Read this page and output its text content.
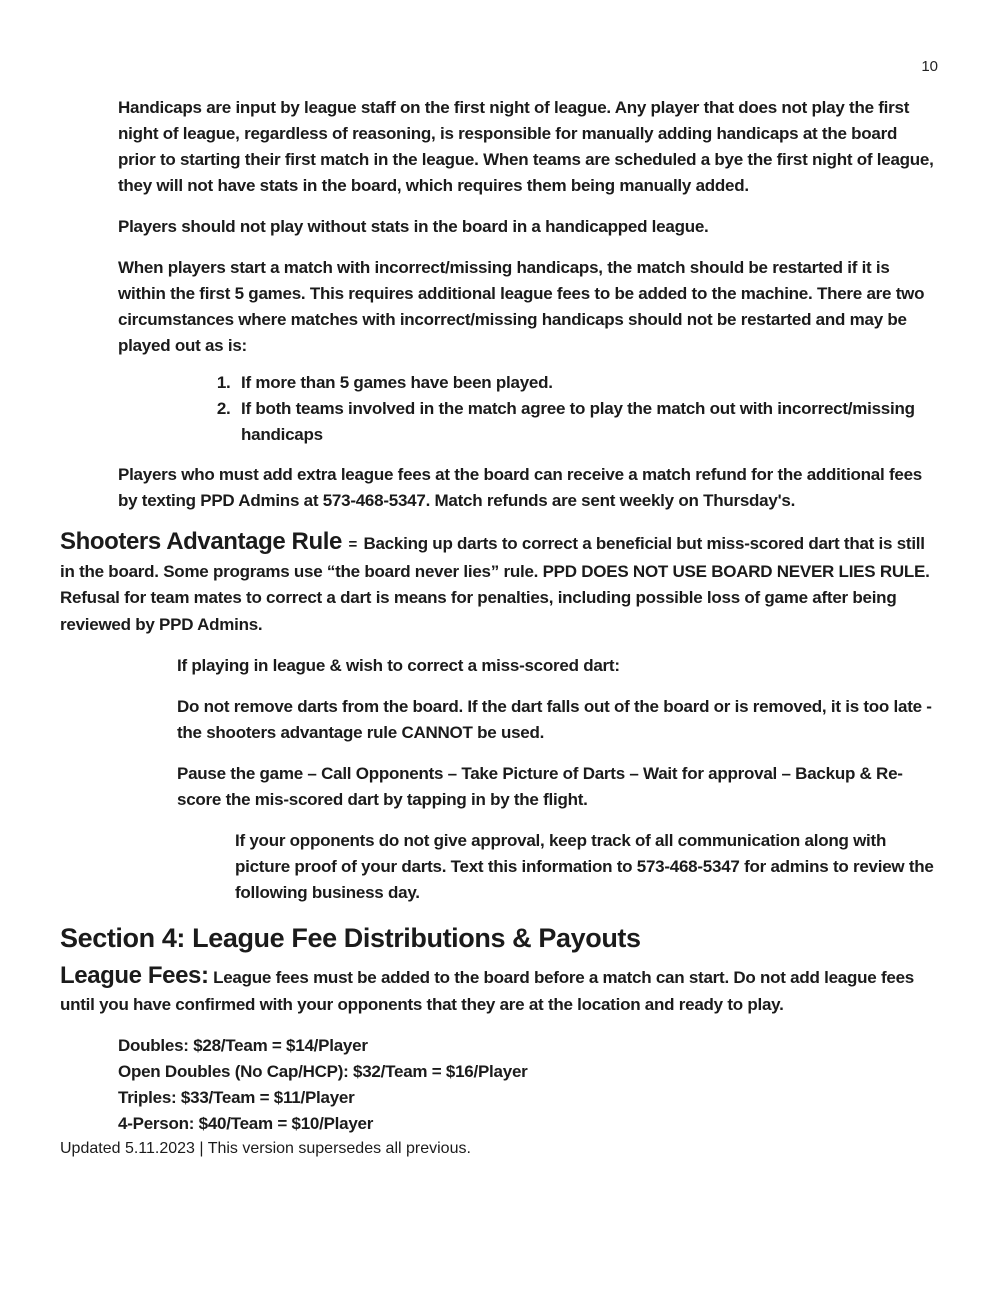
10

Handicaps are input by league staff on the first night of league. Any player that does not play the first night of league, regardless of reasoning, is responsible for manually adding handicaps at the board prior to starting their first match in the league. When teams are scheduled a bye the first night of league, they will not have stats in the board, which requires them being manually added.

Players should not play without stats in the board in a handicapped league.

When players start a match with incorrect/missing handicaps, the match should be restarted if it is within the first 5 games. This requires additional league fees to be added to the machine. There are two circumstances where matches with incorrect/missing handicaps should not be restarted and may be played out as is:

1. If more than 5 games have been played.
2. If both teams involved in the match agree to play the match out with incorrect/missing handicaps

Players who must add extra league fees at the board can receive a match refund for the additional fees by texting PPD Admins at 573-468-5347. Match refunds are sent weekly on Thursday's.

Shooters Advantage Rule = Backing up darts to correct a beneficial but miss-scored dart that is still in the board. Some programs use “the board never lies” rule. PPD DOES NOT USE BOARD NEVER LIES RULE. Refusal for team mates to correct a dart is means for penalties, including possible loss of game after being reviewed by PPD Admins.

If playing in league & wish to correct a miss-scored dart:

Do not remove darts from the board. If the dart falls out of the board or is removed, it is too late - the shooters advantage rule CANNOT be used.

Pause the game – Call Opponents – Take Picture of Darts – Wait for approval – Backup & Re-score the mis-scored dart by tapping in by the flight.

If your opponents do not give approval, keep track of all communication along with picture proof of your darts. Text this information to 573-468-5347 for admins to review the following business day.

Section 4: League Fee Distributions & Payouts

League Fees: League fees must be added to the board before a match can start. Do not add league fees until you have confirmed with your opponents that they are at the location and ready to play.

Doubles: $28/Team = $14/Player
Open Doubles (No Cap/HCP): $32/Team = $16/Player
Triples: $33/Team = $11/Player
4-Person: $40/Team = $10/Player
Updated 5.11.2023 | This version supersedes all previous.
